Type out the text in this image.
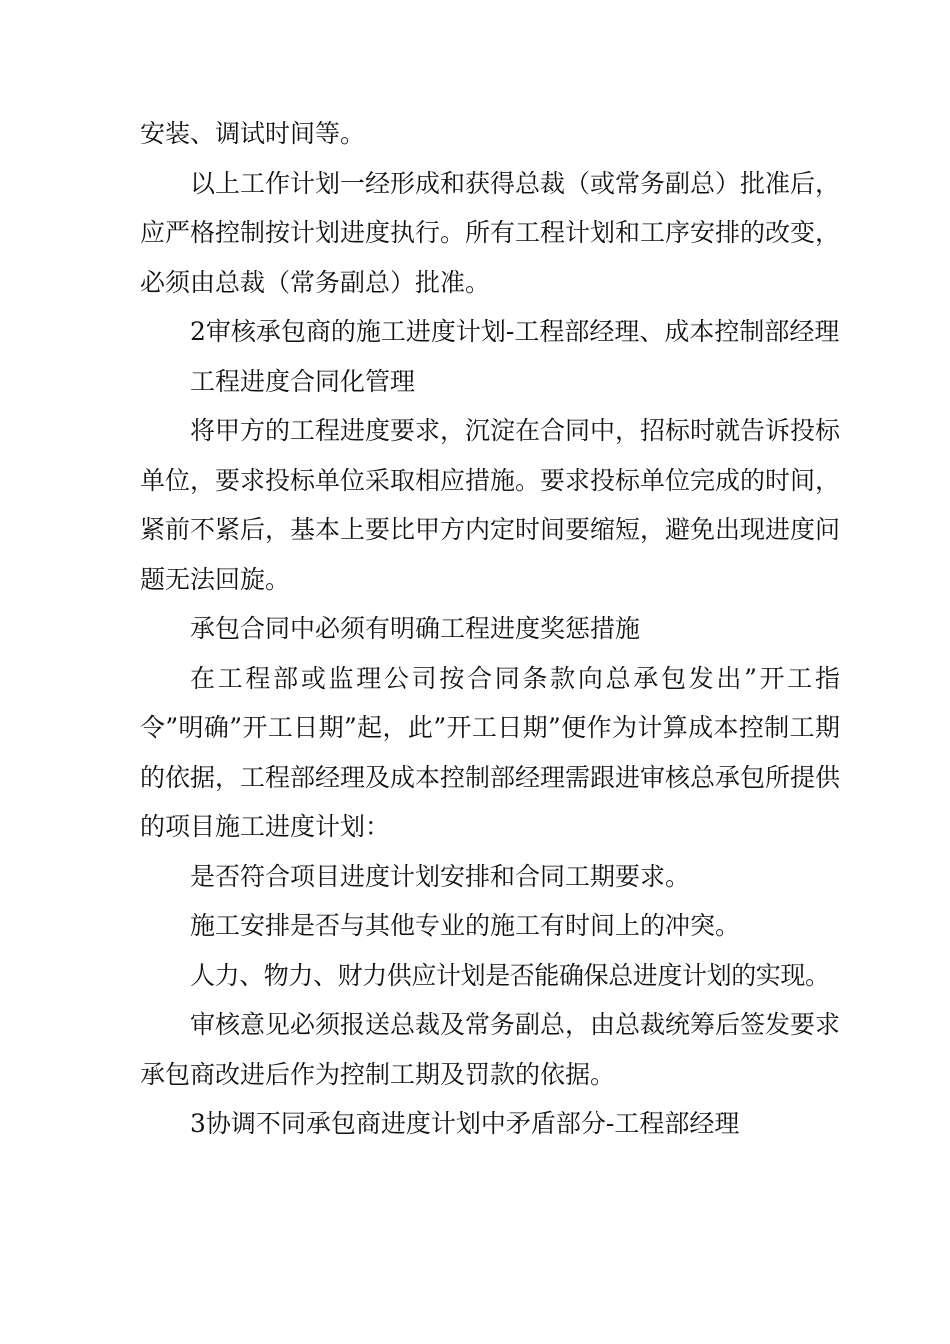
安装、调试时间等。

以上工作计划一经形成和获得总裁（或常务副总）批准后，应严格控制按计划进度执行。所有工程计划和工序安排的改变，必须由总裁（常务副总）批准。

2审核承包商的施工进度计划-工程部经理、成本控制部经理

工程进度合同化管理

将甲方的工程进度要求，沉淀在合同中，招标时就告诉投标单位，要求投标单位采取相应措施。要求投标单位完成的时间，紧前不紧后，基本上要比甲方内定时间要缩短，避免出现进度问题无法回旋。

承包合同中必须有明确工程进度奖惩措施

在工程部或监理公司按合同条款向总承包发出”开工指令”明确”开工日期”起，此”开工日期”便作为计算成本控制工期的依据，工程部经理及成本控制部经理需跟进审核总承包所提供的项目施工进度计划：

是否符合项目进度计划安排和合同工期要求。

施工安排是否与其他专业的施工有时间上的冲突。

人力、物力、财力供应计划是否能确保总进度计划的实现。

审核意见必须报送总裁及常务副总，由总裁统筹后签发要求承包商改进后作为控制工期及罚款的依据。

3协调不同承包商进度计划中矛盾部分-工程部经理
